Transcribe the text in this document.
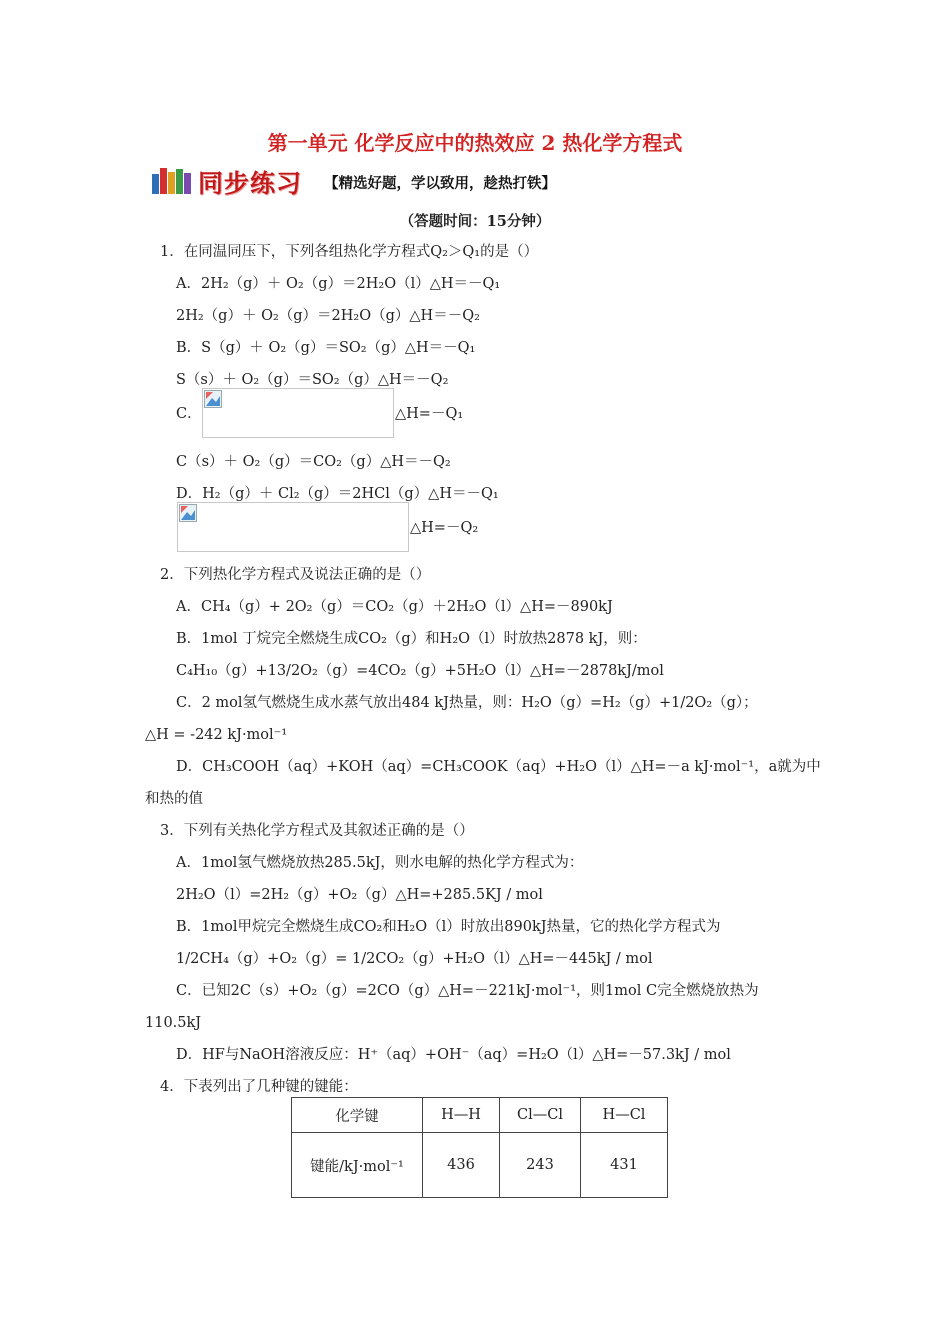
第一单元 化学反应中的热效应 2 热化学方程式
同步练习 【精选好题，学以致用，趁热打铁】
（答题时间：15分钟）
1．在同温同压下，下列各组热化学方程式Q₂＞Q₁的是（）
A．2H₂（g）＋ O₂（g）＝2H₂O（l）△H＝－Q₁
2H₂（g）＋ O₂（g）＝2H₂O（g）△H＝－Q₂
B．S（g）＋ O₂（g）＝SO₂（g）△H＝－Q₁
S（s）＋ O₂（g）＝SO₂（g）△H＝－Q₂
C．	△H=－Q₁
C（s）＋ O₂（g）＝CO₂（g）△H＝－Q₂
D．H₂（g）＋ Cl₂（g）＝2HCl（g）△H＝－Q₁
△H=－Q₂
2．下列热化学方程式及说法正确的是（）
A．CH₄（g）+ 2O₂（g）＝CO₂（g）＋2H₂O（l）△H=－890kJ
B．1mol 丁烷完全燃烧生成CO₂（g）和H₂O（l）时放热2878 kJ，则：
C₄H₁₀（g）+13/2O₂（g）=4CO₂（g）+5H₂O（l）△H=－2878kJ/mol
C．2 mol氢气燃烧生成水蒸气放出484 kJ热量，则：H₂O（g）=H₂（g）+1/2O₂（g）；
△H = -242 kJ·mol⁻¹
D．CH₃COOH（aq）+KOH（aq）=CH₃COOK（aq）+H₂O（l）△H=－a kJ·mol⁻¹，a就为中
和热的值
3．下列有关热化学方程式及其叙述正确的是（）
A．1mol氢气燃烧放热285.5kJ，则水电解的热化学方程式为：
2H₂O（l）=2H₂（g）+O₂（g）△H=+285.5KJ / mol
B．1mol甲烷完全燃烧生成CO₂和H₂O（l）时放出890kJ热量，它的热化学方程式为
1/2CH₄（g）+O₂（g）= 1/2CO₂（g）+H₂O（l）△H=－445kJ / mol
C．已知2C（s）+O₂（g）=2CO（g）△H=－221kJ·mol⁻¹，则1mol C完全燃烧放热为
110.5kJ
D．HF与NaOH溶液反应：H⁺（aq）+OH⁻（aq）=H₂O（l）△H=－57.3kJ / mol
4．下表列出了几种键的键能：
化学键	H—H	Cl—Cl	H—Cl
键能/kJ·mol⁻¹	436	243	431
